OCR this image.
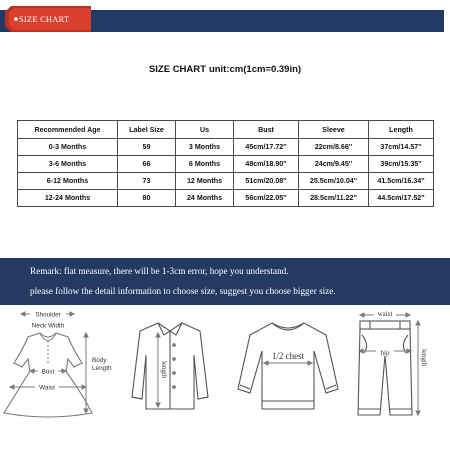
SIZE CHART
SIZE CHART unit:cm(1cm=0.39in)
Recommended Age	Label Size	Us	Bust	Sleeve	Length
0-3 Months	59	3 Months	45cm/17.72''	22cm/8.66''	37cm/14.57''
3-6 Months	66	6 Months	48cm/18.90''	24cm/9.45''	39cm/15.35''
6-12 Months	73	12 Months	51cm/20.08''	25.5cm/10.04''	41.5cm/16.34''
12-24 Months	80	24 Months	56cm/22.05''	28.5cm/11.22''	44.5cm/17.52''
Remark: flat measure, there will be 1-3cm error, hope you understand.
please follow the detail information to choose size, suggest you choose bigger size.
Shoulder
Neck Width
Body
Length
Bust
Waist
length
1/2 chest
waist
hip	length
